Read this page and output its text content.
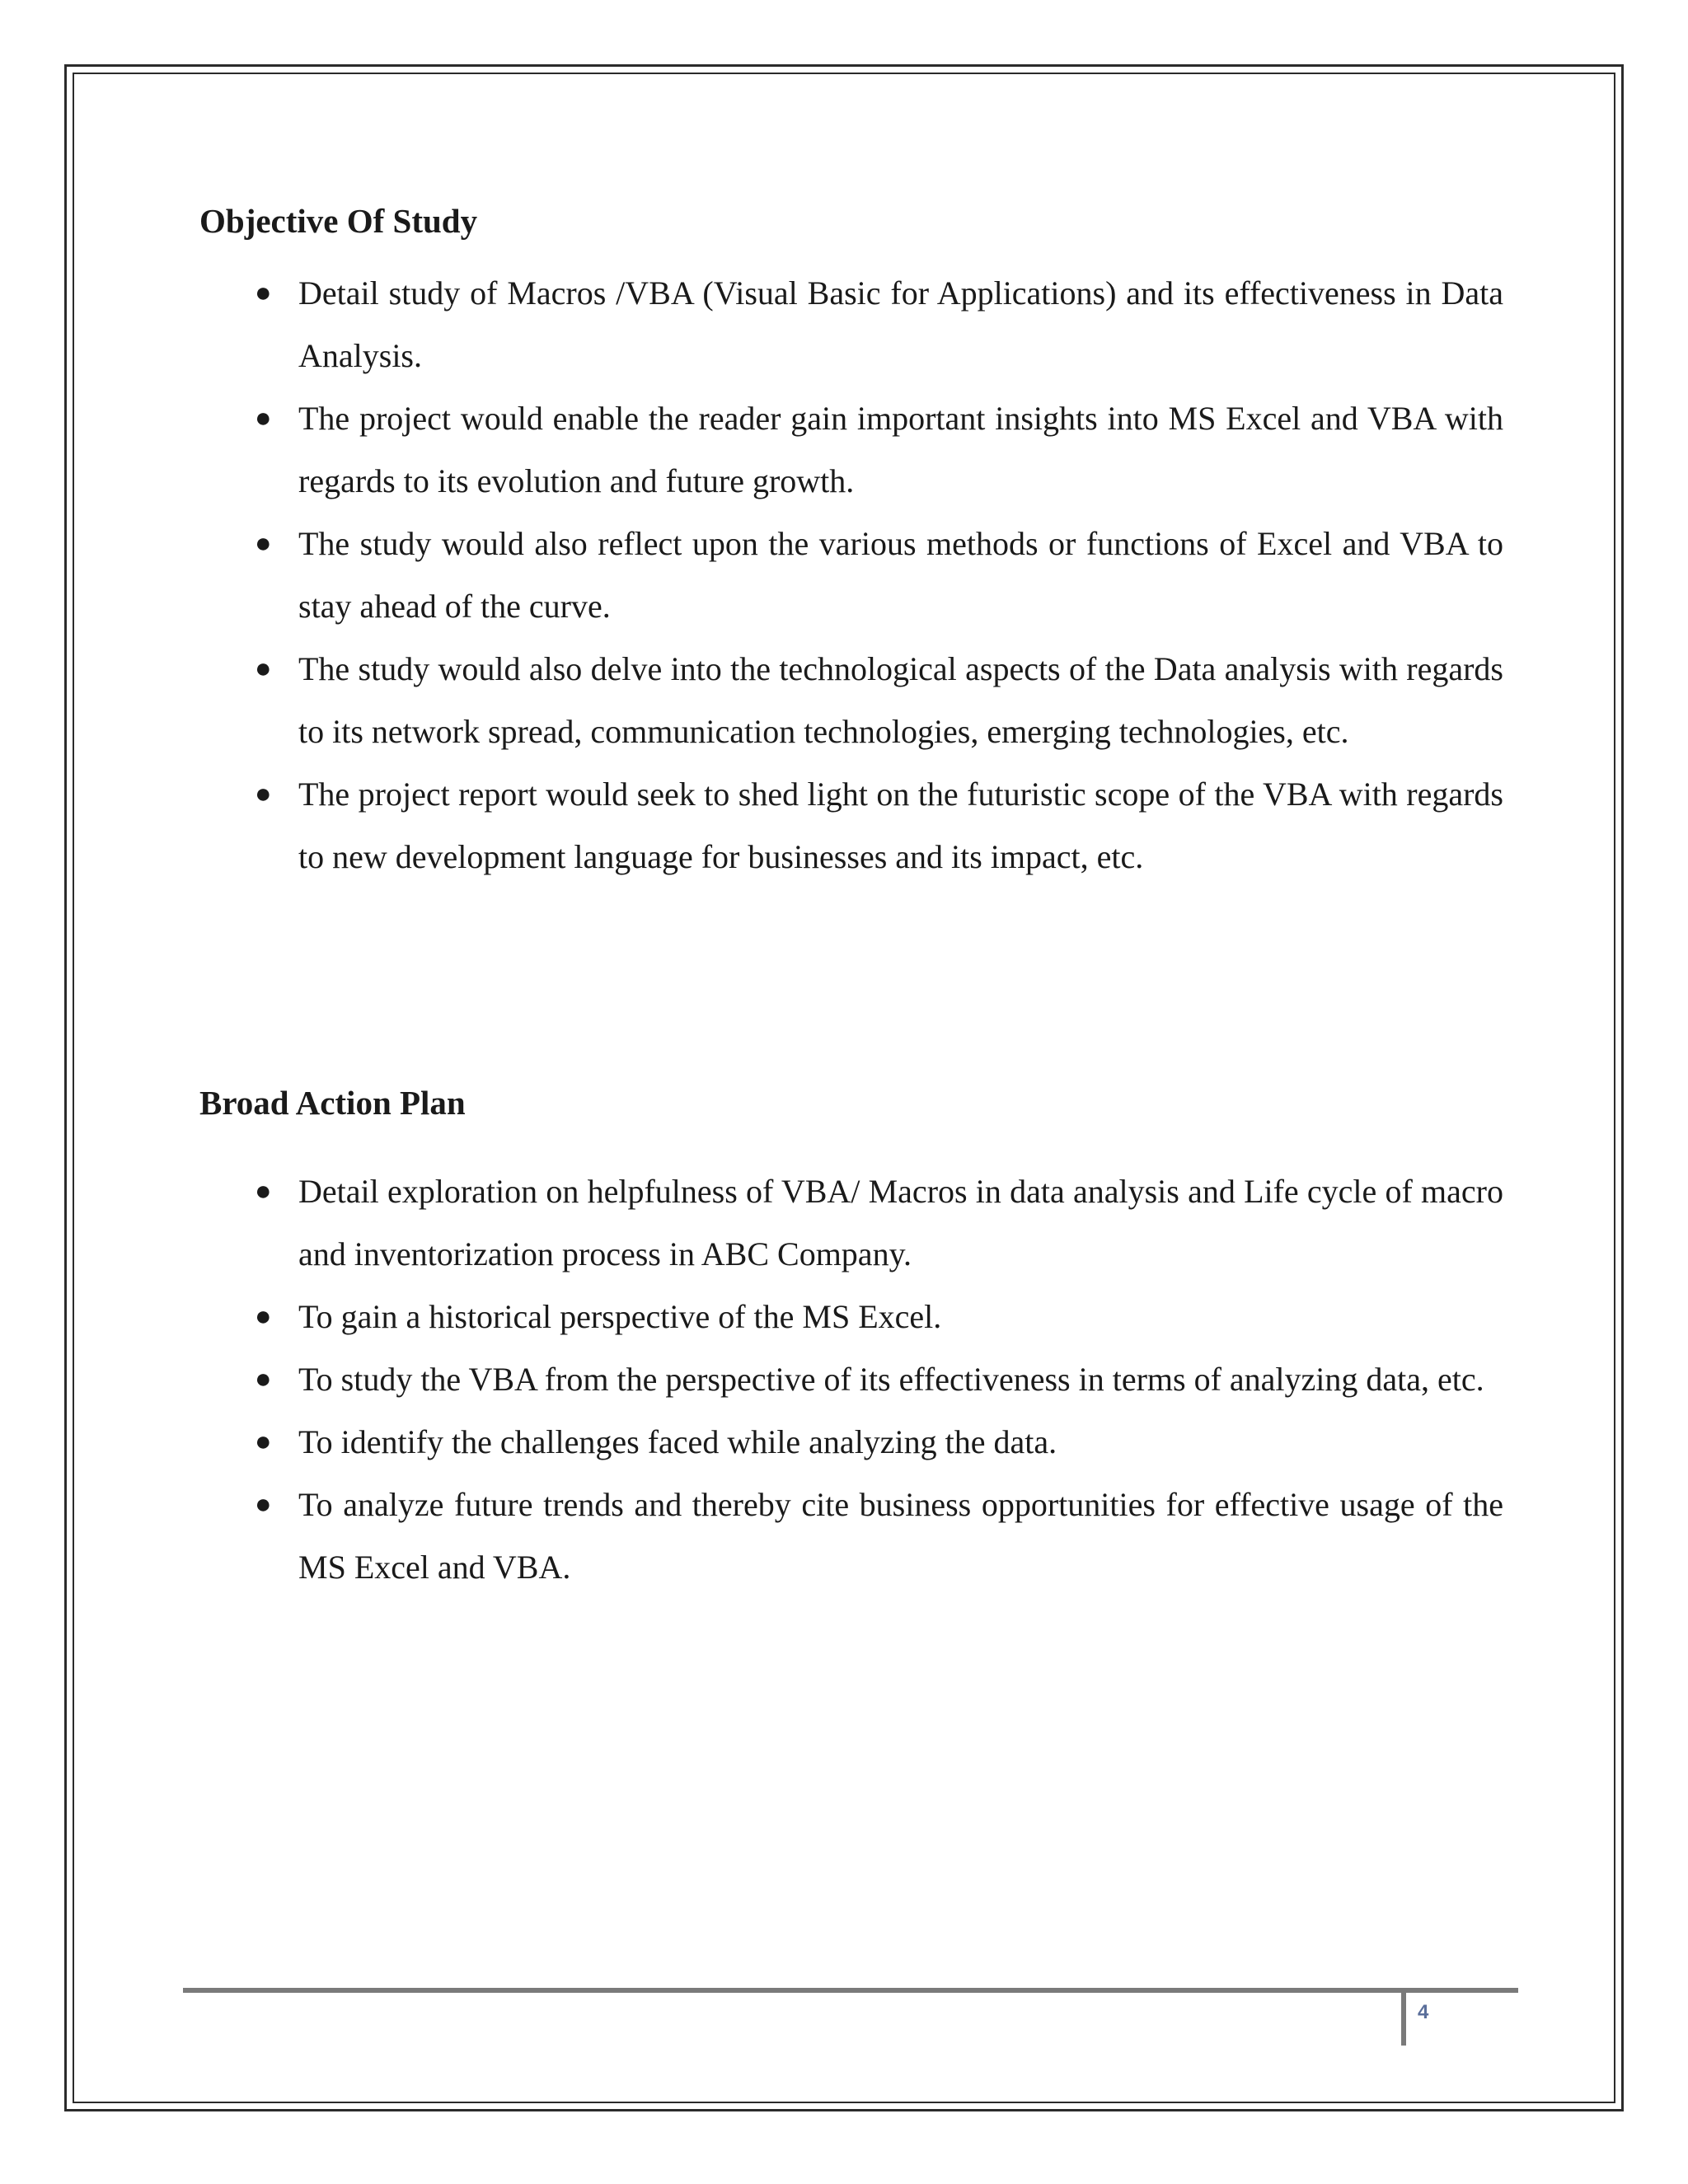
Objective Of Study
● Detail study of Macros /VBA (Visual Basic for Applications) and its effectiveness in Data Analysis.
● The project would enable the reader gain important insights into MS Excel and VBA with regards to its evolution and future growth.
● The study would also reflect upon the various methods or functions of Excel and VBA to stay ahead of the curve.
● The study would also delve into the technological aspects of the Data analysis with regards to its network spread, communication technologies, emerging technologies, etc.
● The project report would seek to shed light on the futuristic scope of the VBA with regards to new development language for businesses and its impact, etc.
Broad Action Plan
● Detail exploration on helpfulness of VBA/ Macros in data analysis and Life cycle of macro and inventorization process in ABC Company.
● To gain a historical perspective of the MS Excel.
● To study the VBA from the perspective of its effectiveness in terms of analyzing data, etc.
● To identify the challenges faced while analyzing the data.
● To analyze future trends and thereby cite business opportunities for effective usage of the MS Excel and VBA.
4
